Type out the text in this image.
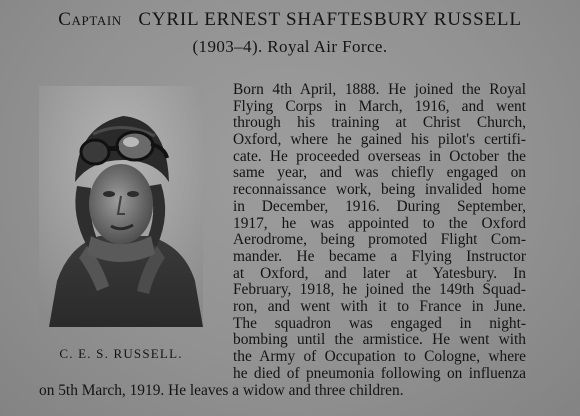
Captain CYRIL ERNEST SHAFTESBURY RUSSELL
(1903–4). Royal Air Force.
C. E. S. RUSSELL.
Born 4th April, 1888. He joined the Royal
Flying Corps in March, 1916, and went
through his training at Christ Church,
Oxford, where he gained his pilot's certifi-
cate. He proceeded overseas in October the
same year, and was chiefly engaged on
reconnaissance work, being invalided home
in December, 1916. During September,
1917, he was appointed to the Oxford
Aerodrome, being promoted Flight Com-
mander. He became a Flying Instructor
at Oxford, and later at Yatesbury. In
February, 1918, he joined the 149th Squad-
ron, and went with it to France in June.
The squadron was engaged in night-
bombing until the armistice. He went with
the Army of Occupation to Cologne, where
he died of pneumonia following on influenza
on 5th March, 1919. He leaves a widow and three children.
